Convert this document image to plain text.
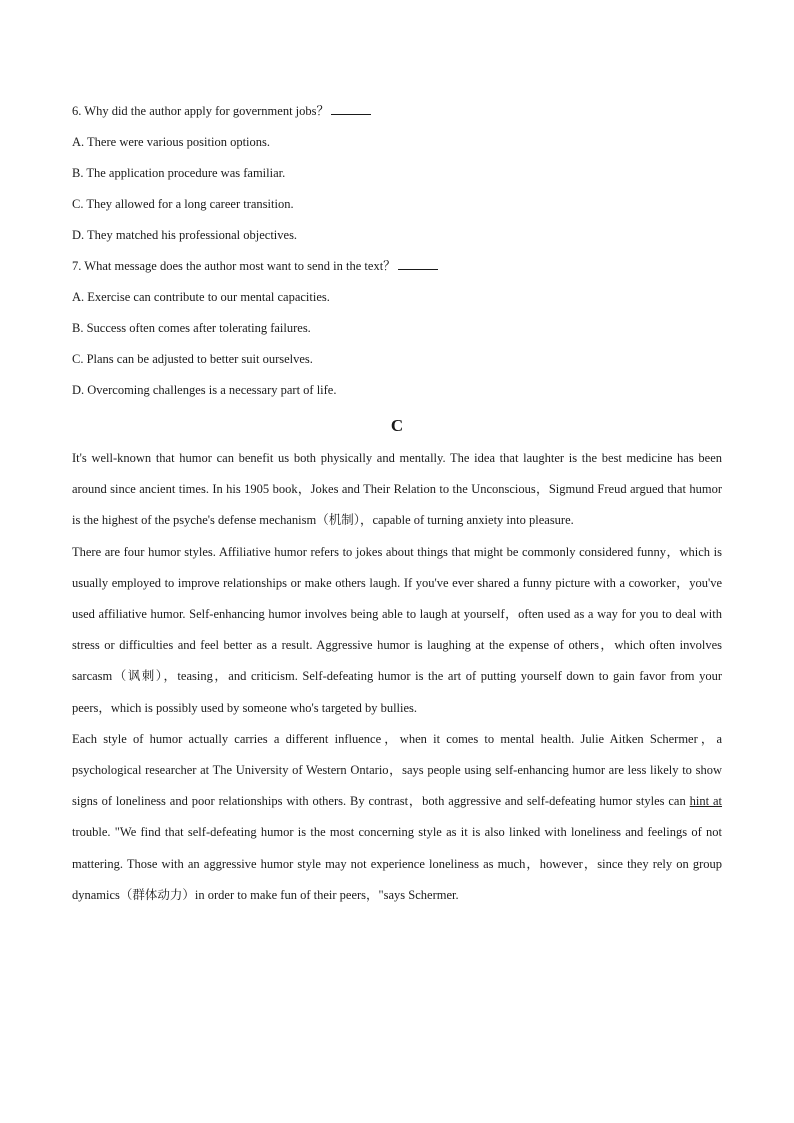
6. Why did the author apply for government jobs？

A. There were various position options.

B. The application procedure was familiar.

C. They allowed for a long career transition.

D. They matched his professional objectives.

7. What message does the author most want to send in the text？

A. Exercise can contribute to our mental capacities.

B. Success often comes after tolerating failures.

C. Plans can be adjusted to better suit ourselves.

D. Overcoming challenges is a necessary part of life.

C

It's well-known that humor can benefit us both physically and mentally. The idea that laughter is the best medicine has been around since ancient times. In his 1905 book，Jokes and Their Relation to the Unconscious，Sigmund Freud argued that humor is the highest of the psyche's defense mechanism（机制），capable of turning anxiety into pleasure.

There are four humor styles. Affiliative humor refers to jokes about things that might be commonly considered funny，which is usually employed to improve relationships or make others laugh. If you've ever shared a funny picture with a coworker，you've used affiliative humor. Self-enhancing humor involves being able to laugh at yourself，often used as a way for you to deal with stress or difficulties and feel better as a result. Aggressive humor is laughing at the expense of others，which often involves sarcasm（讽刺），teasing，and criticism. Self-defeating humor is the art of putting yourself down to gain favor from your peers，which is possibly used by someone who's targeted by bullies.

Each style of humor actually carries a different influence，when it comes to mental health. Julie Aitken Schermer，a psychological researcher at The University of Western Ontario，says people using self-enhancing humor are less likely to show signs of loneliness and poor relationships with others. By contrast，both aggressive and self-defeating humor styles can hint at trouble. "We find that self-defeating humor is the most concerning style as it is also linked with loneliness and feelings of not mattering. Those with an aggressive humor style may not experience loneliness as much，however，since they rely on group dynamics（群体动力）in order to make fun of their peers，"says Schermer.
